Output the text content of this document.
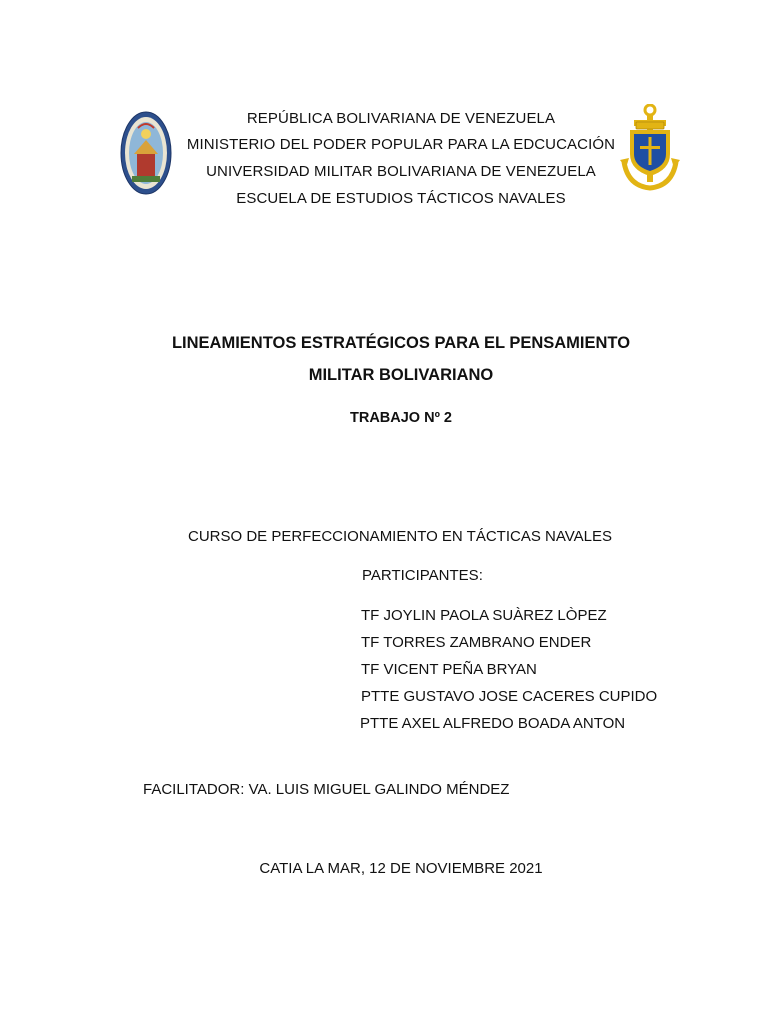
REPÚBLICA BOLIVARIANA DE VENEZUELA
MINISTERIO DEL PODER POPULAR PARA LA EDCUCACIÓN
UNIVERSIDAD MILITAR BOLIVARIANA DE VENEZUELA
ESCUELA DE ESTUDIOS TÁCTICOS NAVALES
LINEAMIENTOS ESTRATÉGICOS PARA EL PENSAMIENTO
MILITAR BOLIVARIANO
TRABAJO Nº 2
CURSO DE PERFECCIONAMIENTO EN TÁCTICAS NAVALES
PARTICIPANTES:
TF JOYLIN PAOLA SUÀREZ LÒPEZ
TF TORRES ZAMBRANO ENDER
TF VICENT PEÑA BRYAN
PTTE GUSTAVO JOSE CACERES CUPIDO
PTTE AXEL ALFREDO BOADA ANTON
FACILITADOR: VA. LUIS MIGUEL GALINDO MÉNDEZ
CATIA LA MAR, 12 DE NOVIEMBRE 2021
